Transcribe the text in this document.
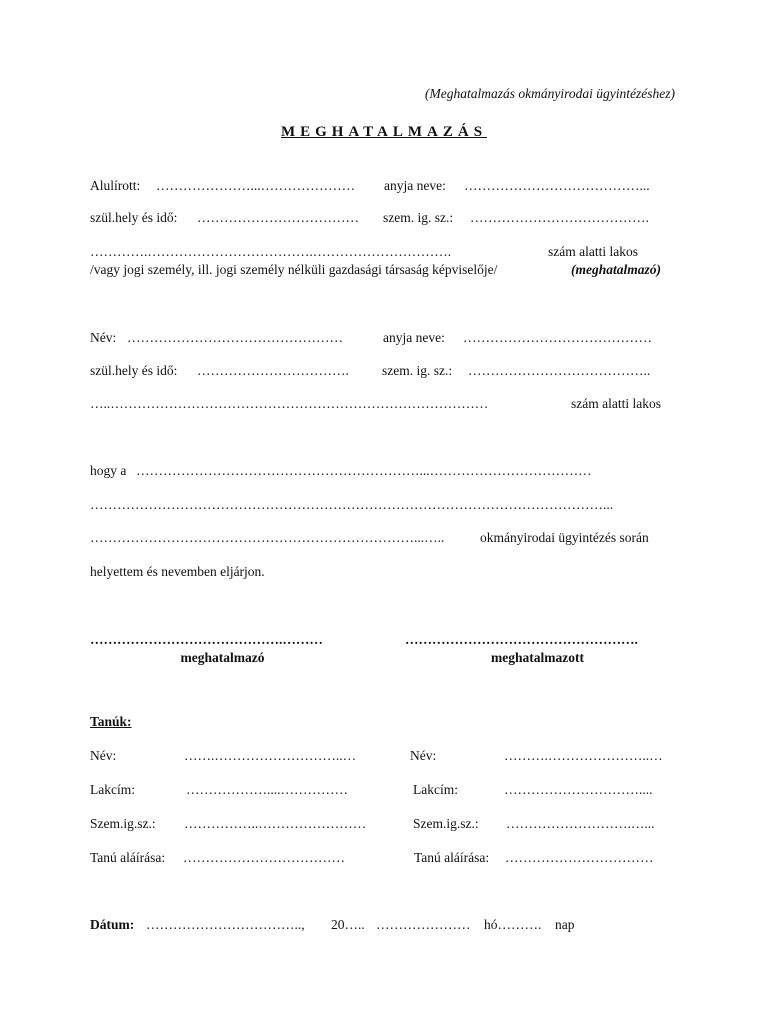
(Meghatalmazás okmányirodai ügyintézéshez)
MEGHATALMAZÁS
Alulírott: …………………...………………… anyja neve: …………………………………...
szül.hely és idő: ……………………………… szem. ig. sz.: ………………………………….
………….……………………………….………………………….	szám alatti lakos
/vagy jogi személy, ill. jogi személy nélküli gazdasági társaság képviselője/	(meghatalmazó)
Név: …………………………………………	anyja neve: ……………………………………
szül.hely és idő: ……………………………. szem. ig. sz.: …………………………………..
…..…………………………………………………………………………	szám alatti lakos
hogy a ………………………………………………………...………………………………
……………………………………………………………………………………………………...
………………………………………………………………...…..	okmányirodai ügyintézés során
helyettem és nevemben eljárjon.
…………………………………….………
meghatalmazó
…………………………………………….
meghatalmazott
Tanúk:
Név:	…….………………………..…	Név:	……….…………………..…
Lakcím:	………………....……………	Lakcím:	…………………………....
Szem.ig.sz.: ……………..……………………	Szem.ig.sz.: ……………………….…...
Tanú aláírása: ………………………………	Tanú aláírása: ……………………………
Dátum: …………………………….., 20….. ………………… hó………. nap
